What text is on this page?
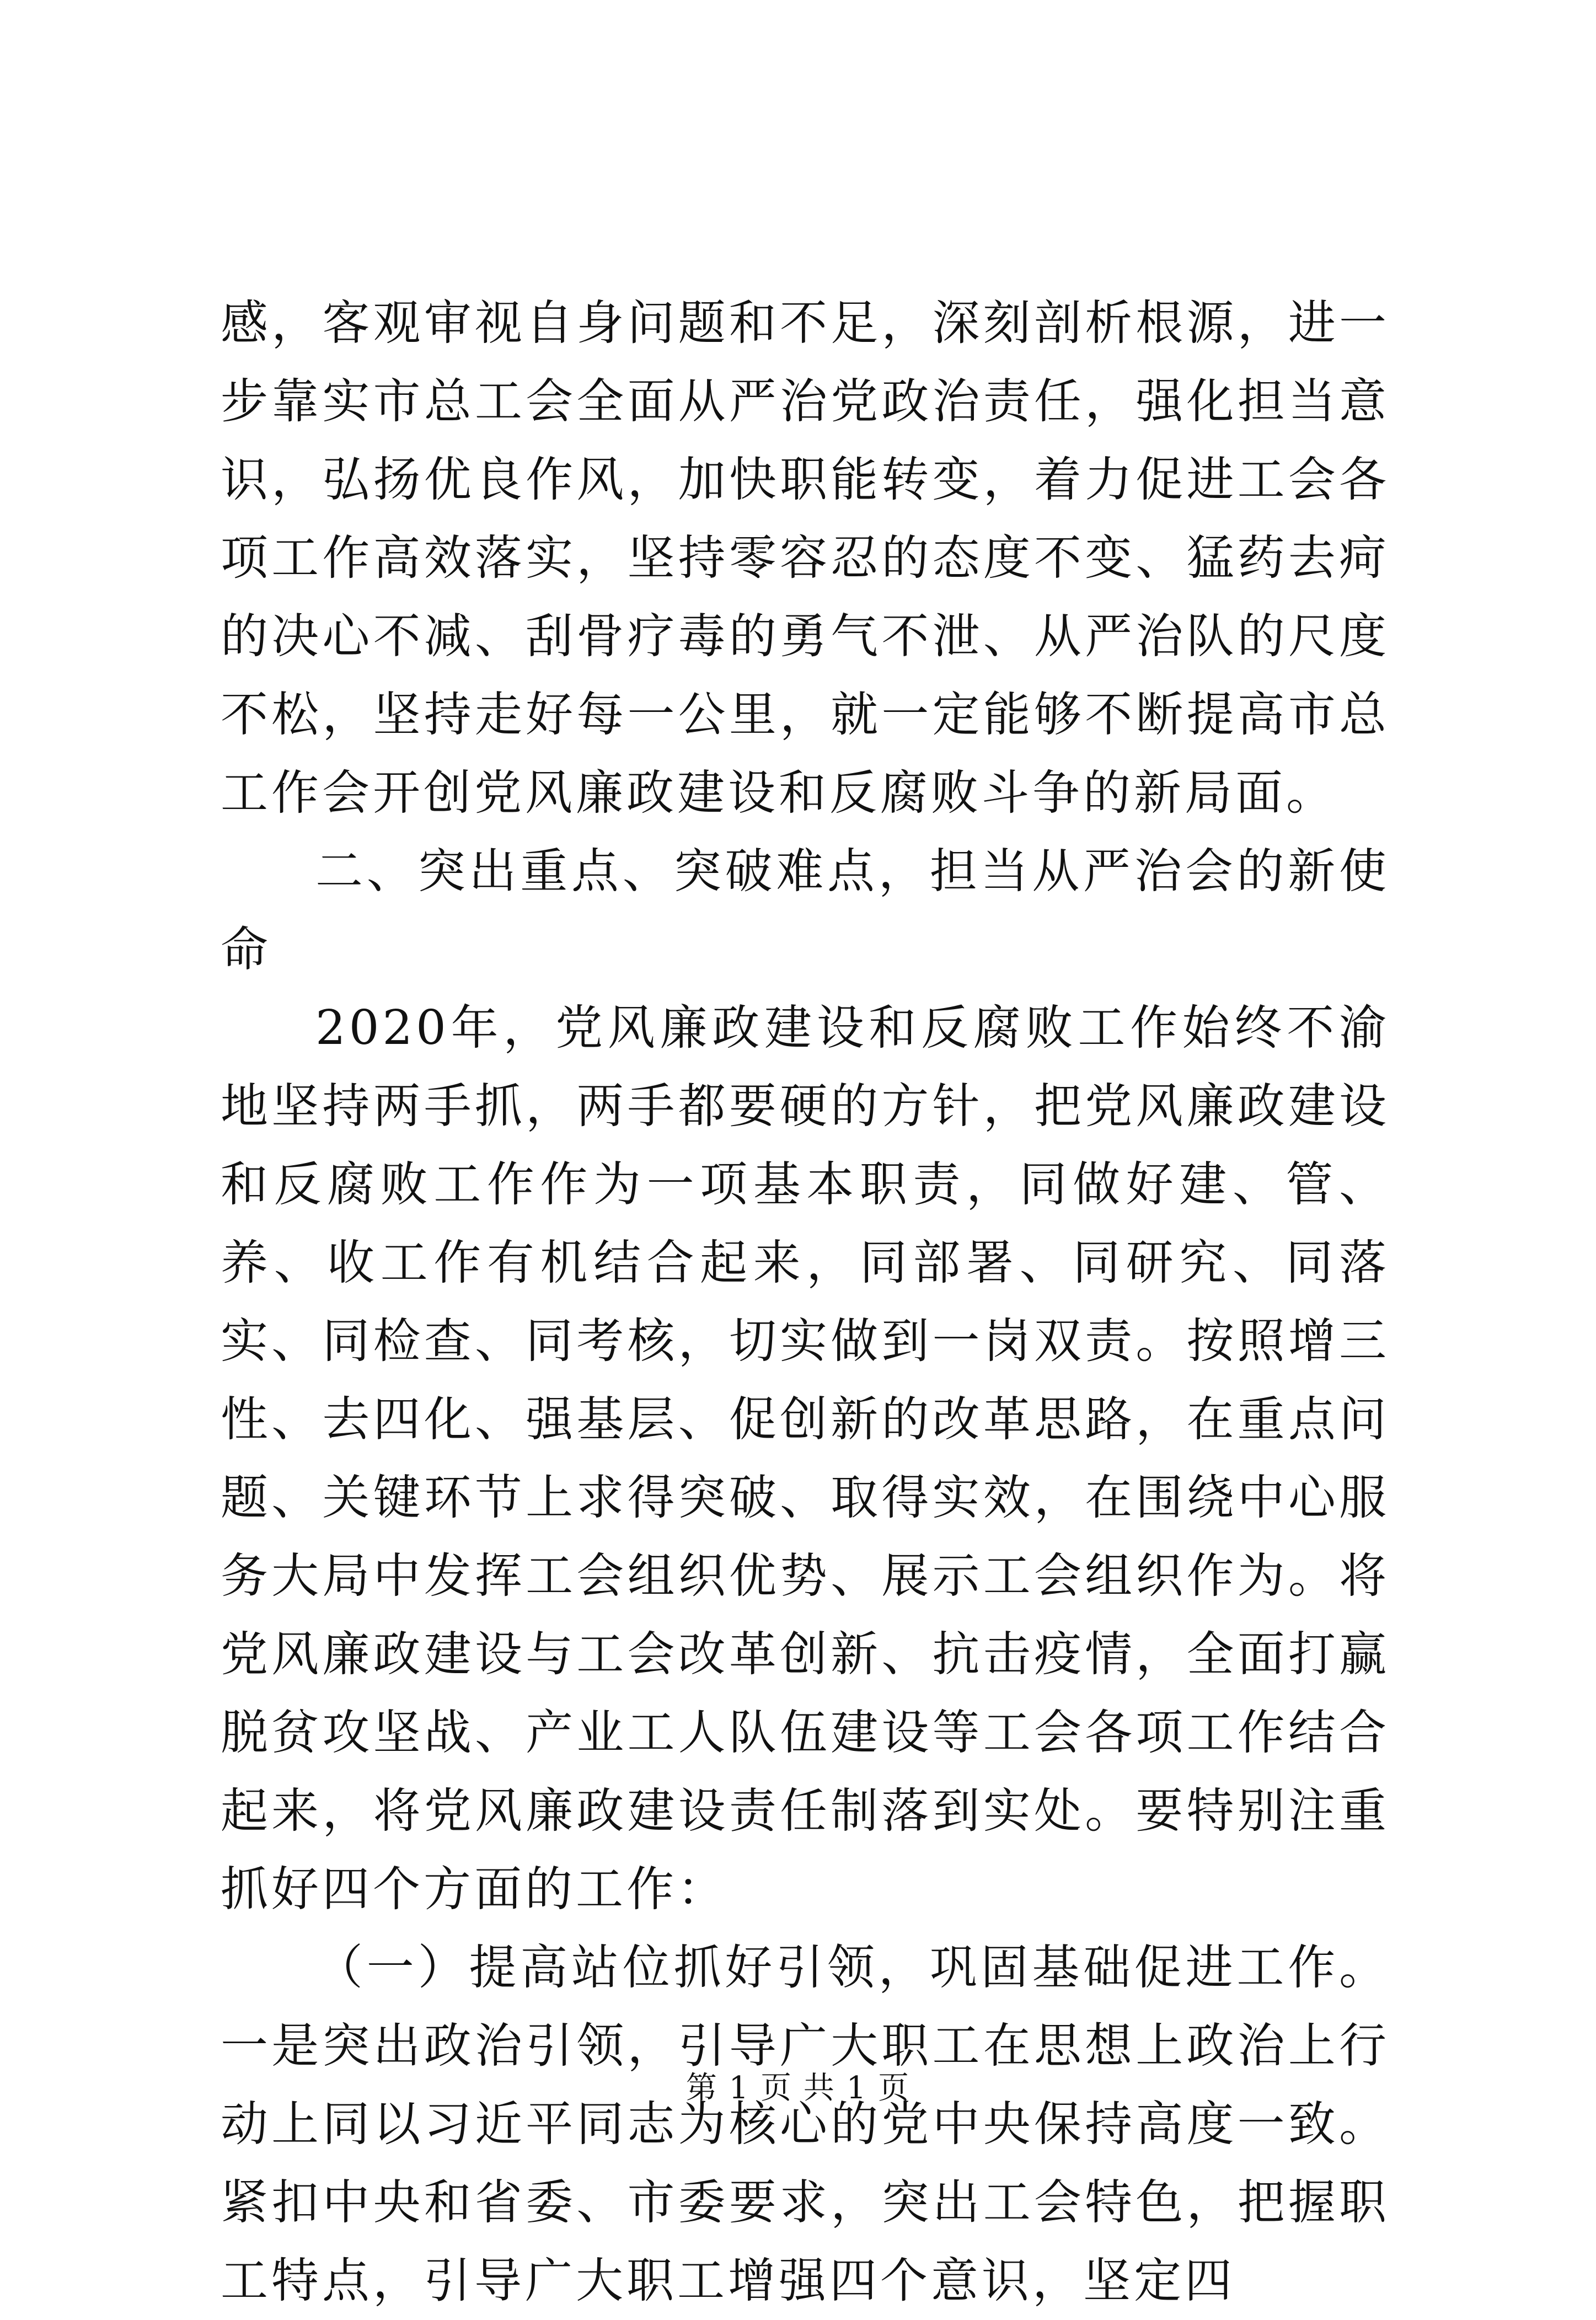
感，客观审视自身问题和不足，深刻剖析根源，进一步靠实市总工会全面从严治党政治责任，强化担当意识，弘扬优良作风，加快职能转变，着力促进工会各项工作高效落实，坚持零容忍的态度不变、猛药去疴的决心不减、刮骨疗毒的勇气不泄、从严治队的尺度不松，坚持走好每一公里，就一定能够不断提高市总工作会开创党风廉政建设和反腐败斗争的新局面。

二、突出重点、突破难点，担当从严治会的新使命

2020年，党风廉政建设和反腐败工作始终不渝地坚持两手抓，两手都要硬的方针，把党风廉政建设和反腐败工作作为一项基本职责，同做好建、管、养、收工作有机结合起来，同部署、同研究、同落实、同检查、同考核，切实做到一岗双责。按照增三性、去四化、强基层、促创新的改革思路，在重点问题、关键环节上求得突破、取得实效，在围绕中心服务大局中发挥工会组织优势、展示工会组织作为。将党风廉政建设与工会改革创新、抗击疫情，全面打赢脱贫攻坚战、产业工人队伍建设等工会各项工作结合起来，将党风廉政建设责任制落到实处。要特别注重抓好四个方面的工作：

（一）提高站位抓好引领，巩固基础促进工作。一是突出政治引领，引导广大职工在思想上政治上行动上同以习近平同志为核心的党中央保持高度一致。紧扣中央和省委、市委要求，突出工会特色，把握职工特点，引导广大职工增强四个意识，坚定四

第 1 页 共 1 页
